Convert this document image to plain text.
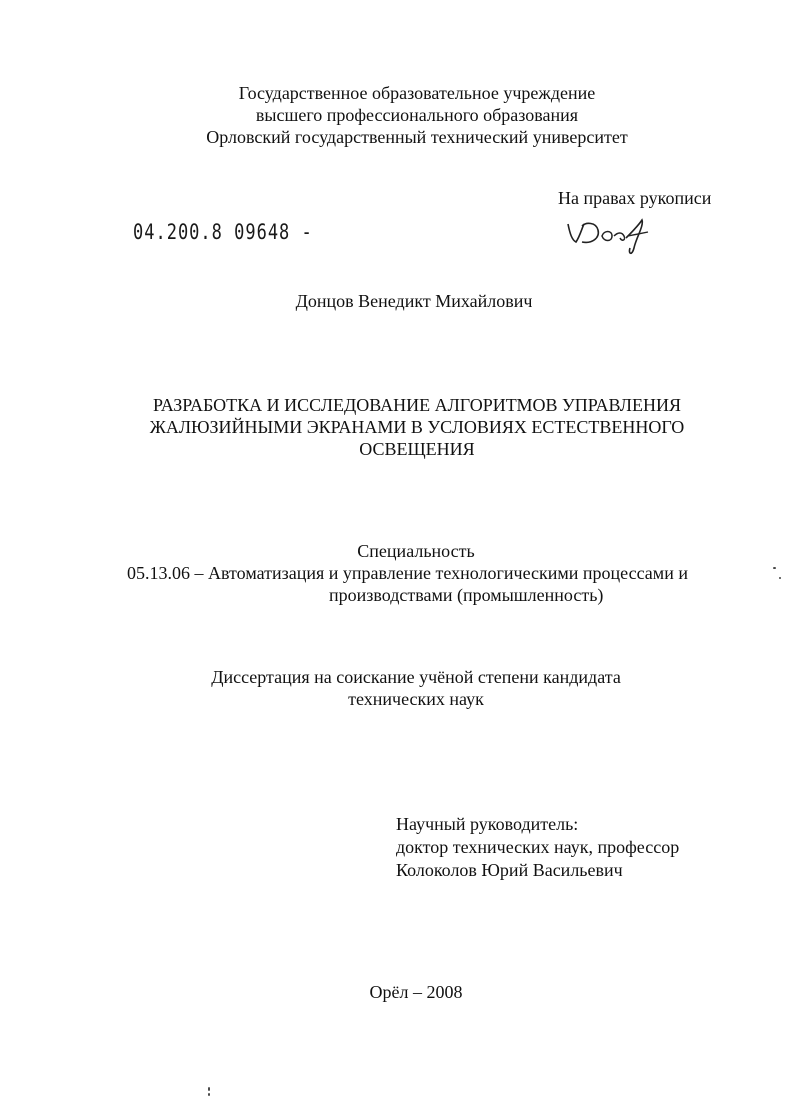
Государственное образовательное учреждение
высшего профессионального образования
Орловский государственный технический университет
На правах рукописи
04.200.8 09648 -
Донцов Венедикт Михайлович
РАЗРАБОТКА И ИССЛЕДОВАНИЕ АЛГОРИТМОВ УПРАВЛЕНИЯ
ЖАЛЮЗИЙНЫМИ ЭКРАНАМИ В УСЛОВИЯХ ЕСТЕСТВЕННОГО
ОСВЕЩЕНИЯ
Специальность
05.13.06 – Автоматизация и управление технологическими процессами и
производствами (промышленность)
Диссертация на соискание учёной степени кандидата
технических наук
Научный руководитель:
доктор технических наук, профессор
Колоколов Юрий Васильевич
Орёл – 2008
